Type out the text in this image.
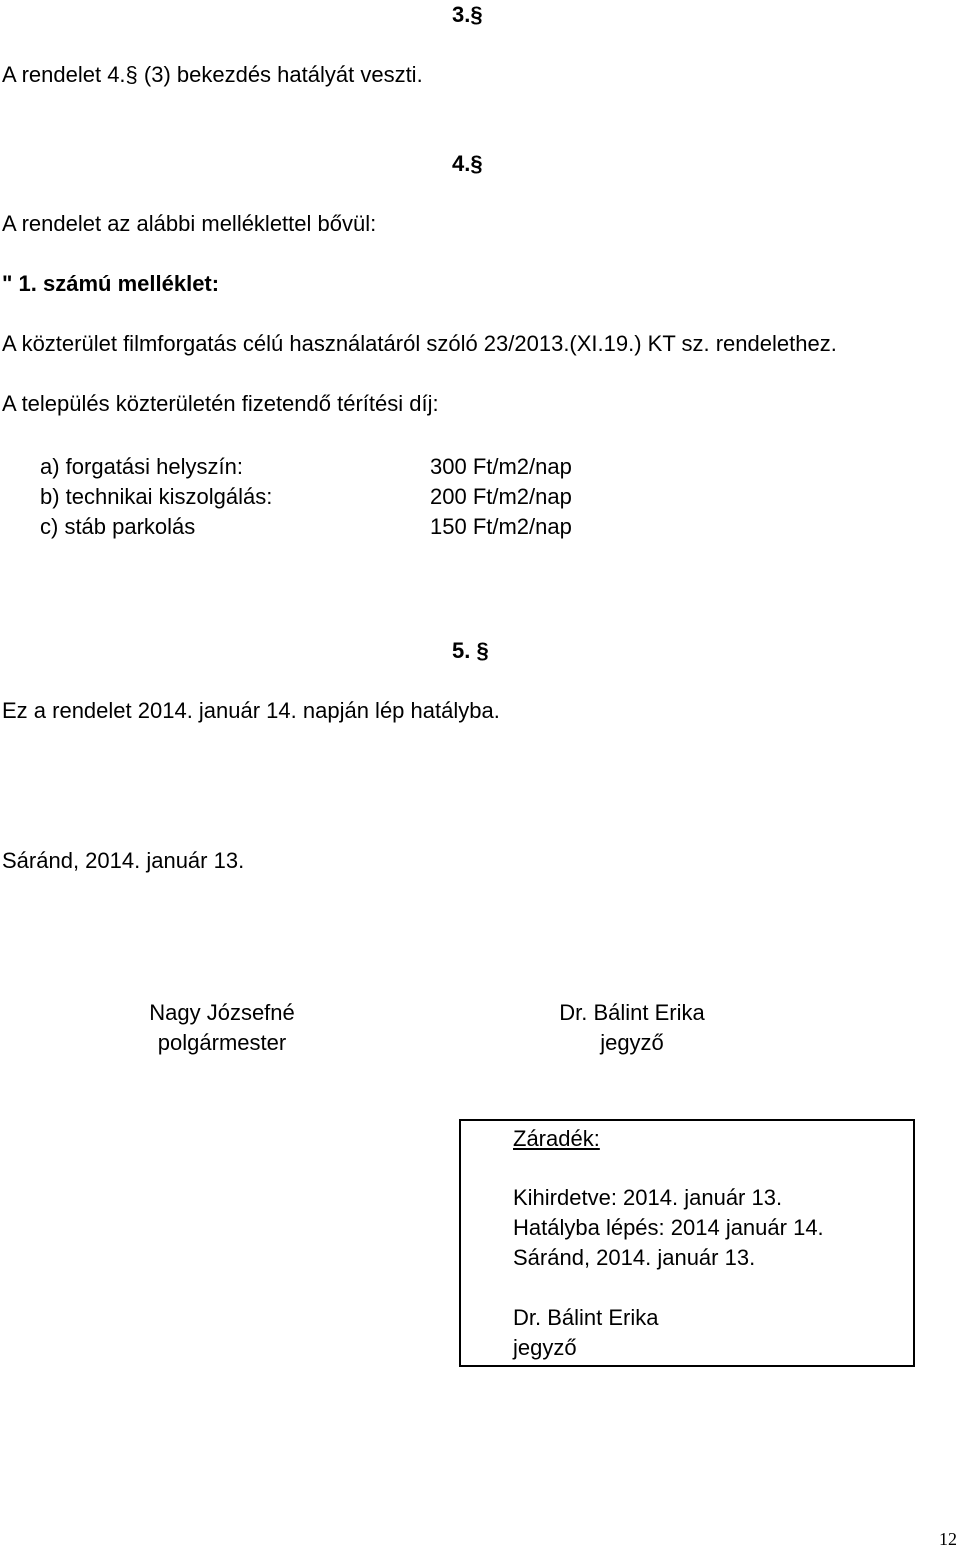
3.§
A rendelet 4.§ (3) bekezdés hatályát veszti.
4.§
A rendelet az alábbi melléklettel bővül:
" 1. számú melléklet:
A közterület filmforgatás célú használatáról szóló 23/2013.(XI.19.) KT sz. rendelethez.
A település közterületén fizetendő térítési díj:
a) forgatási helyszín:	300 Ft/m2/nap
b) technikai kiszolgálás:	200 Ft/m2/nap
c) stáb parkolás	150 Ft/m2/nap
5. §
Ez a rendelet 2014. január 14. napján lép hatályba.
Sáránd, 2014. január 13.
Nagy Józsefné
polgármester
Dr. Bálint Erika
jegyző
Záradék:
Kihirdetve: 2014. január 13.
Hatályba lépés: 2014 január 14.
Sáránd, 2014. január 13.
Dr. Bálint Erika
jegyző
12
